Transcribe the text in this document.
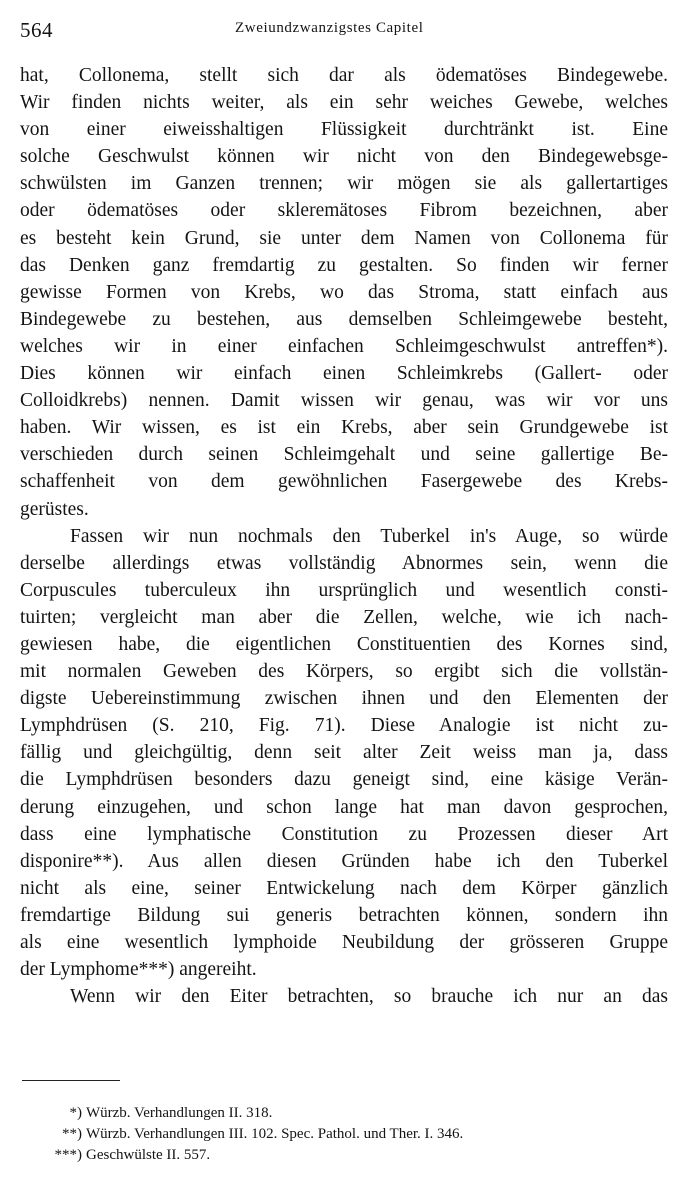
564	Zweiundzwanzigstes Capitel
hat, Collonema, stellt sich dar als ödematöses Bindegewebe.
Wir finden nichts weiter, als ein sehr weiches Gewebe, welches
von einer eiweisshaltigen Flüssigkeit durchtränkt ist. Eine
solche Geschwulst können wir nicht von den Bindegewebsge-
schwülsten im Ganzen trennen; wir mögen sie als gallertartiges
oder ödematöses oder skleremätoses Fibrom bezeichnen, aber
es besteht kein Grund, sie unter dem Namen von Collonema für
das Denken ganz fremdartig zu gestalten. So finden wir ferner
gewisse Formen von Krebs, wo das Stroma, statt einfach aus
Bindegewebe zu bestehen, aus demselben Schleimgewebe besteht,
welches wir in einer einfachen Schleimgeschwulst antreffen*).
Dies können wir einfach einen Schleimkrebs (Gallert- oder
Colloidkrebs) nennen. Damit wissen wir genau, was wir vor uns
haben. Wir wissen, es ist ein Krebs, aber sein Grundgewebe ist
verschieden durch seinen Schleimgehalt und seine gallertige Be-
schaffenheit von dem gewöhnlichen Fasergewebe des Krebs-
gerüstes.
Fassen wir nun nochmals den Tuberkel in's Auge, so würde
derselbe allerdings etwas vollständig Abnormes sein, wenn die
Corpuscules tuberculeux ihn ursprünglich und wesentlich consti-
tuirten; vergleicht man aber die Zellen, welche, wie ich nach-
gewiesen habe, die eigentlichen Constituentien des Kornes sind,
mit normalen Geweben des Körpers, so ergibt sich die vollstän-
digste Uebereinstimmung zwischen ihnen und den Elementen der
Lymphdrüsen (S. 210, Fig. 71). Diese Analogie ist nicht zu-
fällig und gleichgültig, denn seit alter Zeit weiss man ja, dass
die Lymphdrüsen besonders dazu geneigt sind, eine käsige Verän-
derung einzugehen, und schon lange hat man davon gesprochen,
dass eine lymphatische Constitution zu Prozessen dieser Art
disponire**). Aus allen diesen Gründen habe ich den Tuberkel
nicht als eine, seiner Entwickelung nach dem Körper gänzlich
fremdartige Bildung sui generis betrachten können, sondern ihn
als eine wesentlich lymphoide Neubildung der grösseren Gruppe
der Lymphome***) angereiht.
Wenn wir den Eiter betrachten, so brauche ich nur an das
*) Würzb. Verhandlungen II. 318.
**) Würzb. Verhandlungen III. 102. Spec. Pathol. und Ther. I. 346.
***) Geschwülste II. 557.
